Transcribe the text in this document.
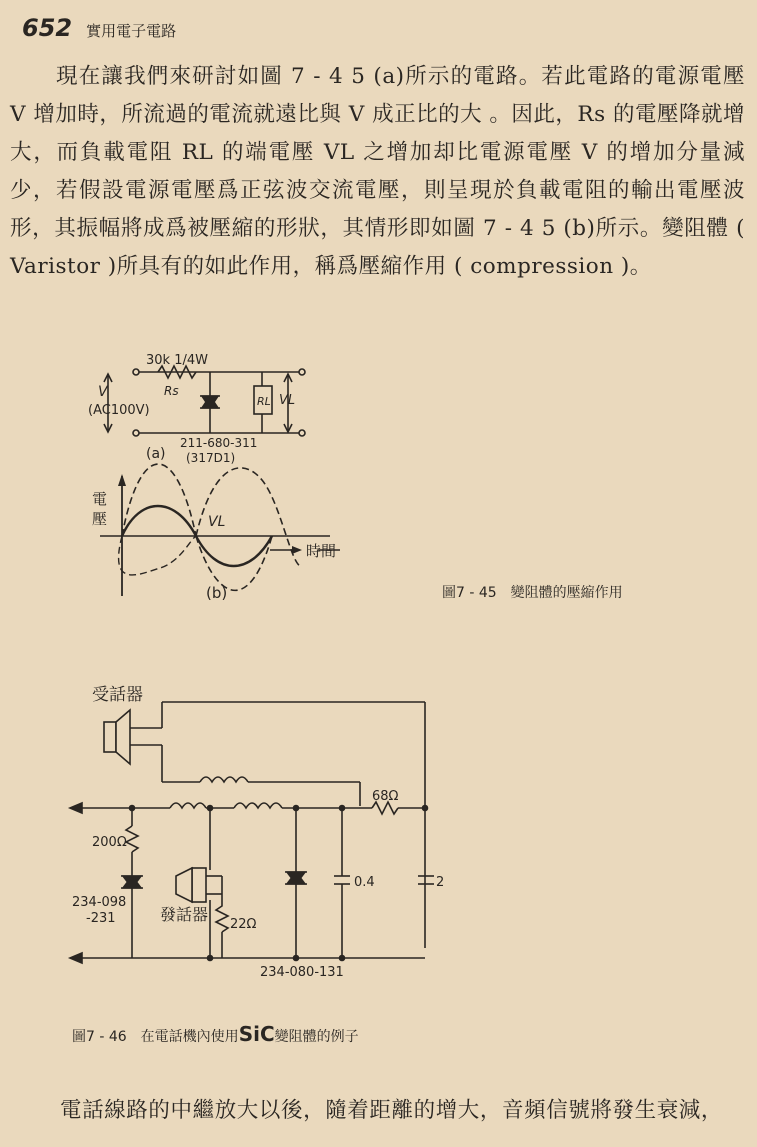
652 實用電子電路

現在讓我們來研討如圖 7 - 4 5 (a)所示的電路。若此電路的電源電壓 V 增加時，所流過的電流就遠比與 V 成正比的大 。因此，Rs 的電壓降就增大，而負載電阻 RL 的端電壓 VL 之增加却比電源電壓 V 的增加分量減少，若假設電源電壓爲正弦波交流電壓，則呈現於負載電阻的輸出電壓波形，其振幅將成爲被壓縮的形狀，其情形即如圖 7 - 4 5 (b)所示。變阻體 ( Varistor )所具有的如此作用，稱爲壓縮作用 ( compression )。

30k 1/4W
Rs
V
(AC100V)
RL VL
211-680-311
(317D1)
(a)
電
壓
時間
VL
(b)
受話器
發話器
200Ω
68Ω
22Ω
234-098
-231
234-080-131
0.4	2
圖7 - 45　變阻體的壓縮作用
圖7 - 46　在電話機內使用SiC變阻體的例子

電話線路的中繼放大以後，隨着距離的增大，音頻信號將發生衰減，
